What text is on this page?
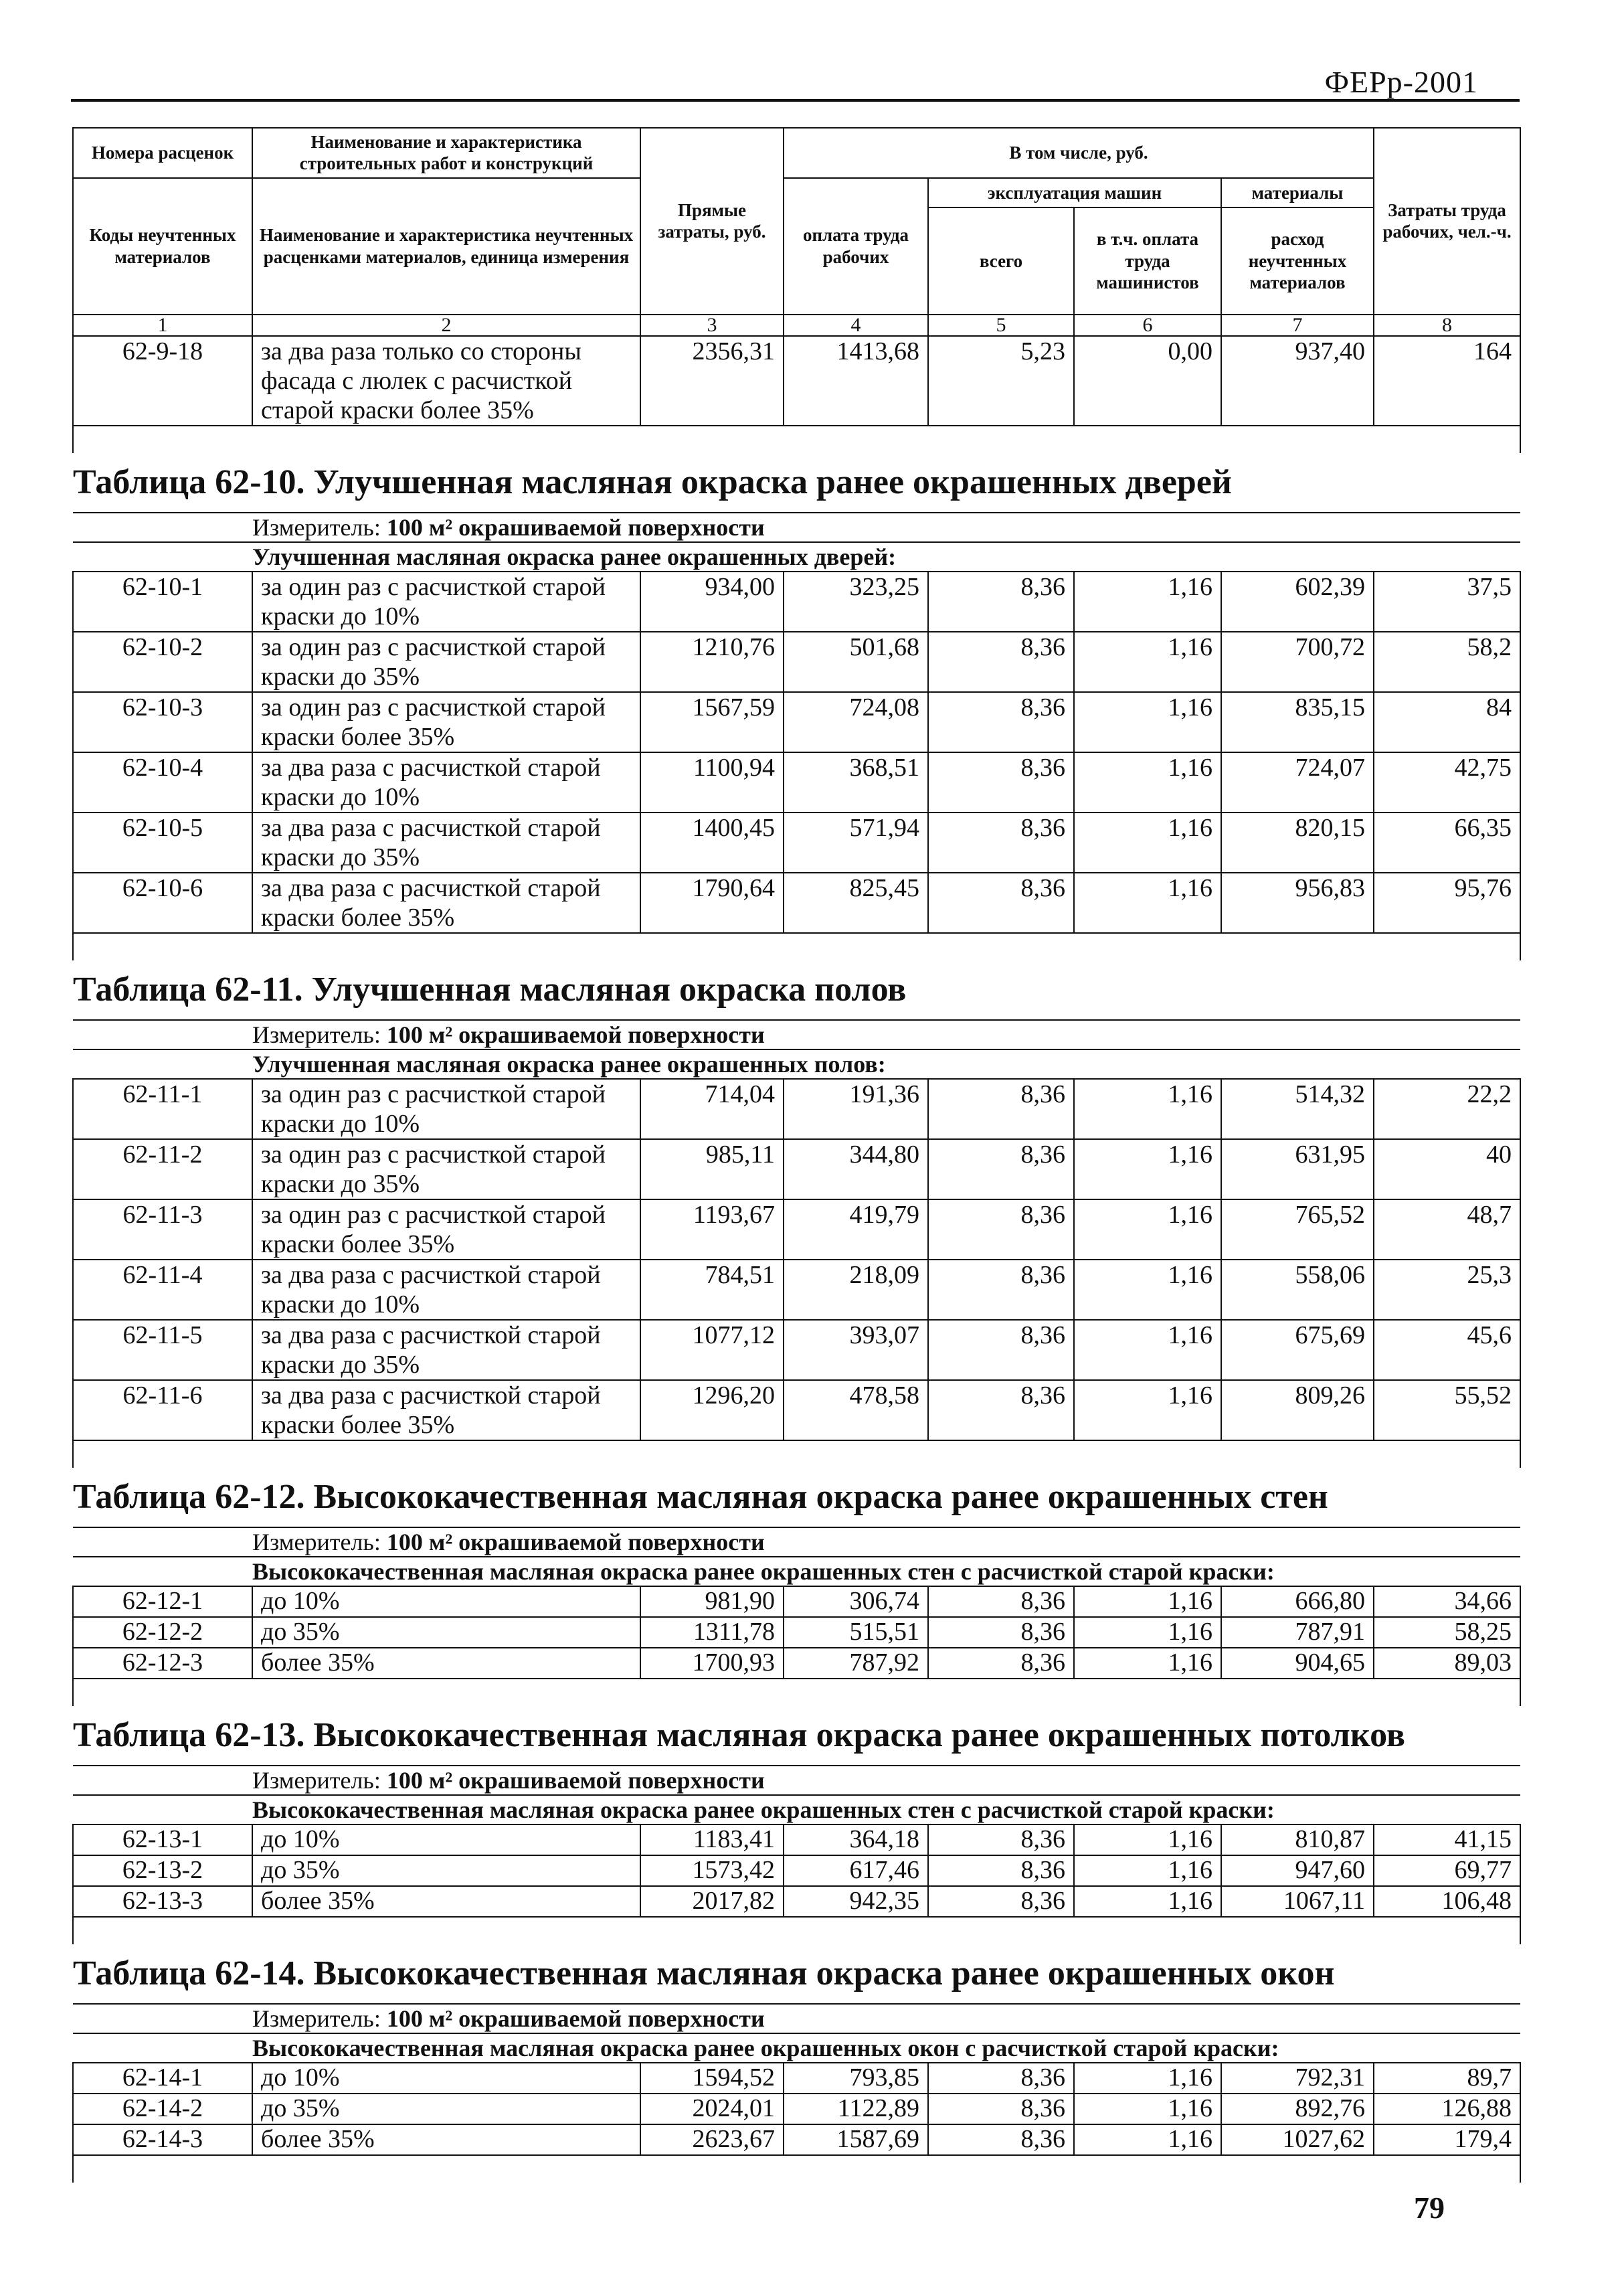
ФЕРр-2001
Номера расценок	Наименование и характеристика строительных работ и конструкций	Прямые затраты, руб.	В том числе, руб.				Затраты труда рабочих, чел.-ч.
Коды неучтенных материалов	Наименование и характеристика неучтенных расценками материалов, единица измерения		оплата труда рабочих	эксплуатация машин		материалы	
				всего	в т.ч. оплата труда машинистов	расход неучтенных материалов	
1	2	3	4	5	6	7	8
62-9-18	за два раза только со стороны фасада с люлек с расчисткой старой краски более 35%	2356,31	1413,68	5,23	0,00	937,40	164

Таблица 62-10. Улучшенная масляная окраска ранее окрашенных дверей							
Измеритель: 100 м² окрашиваемой поверхности							
Улучшенная масляная окраска ранее окрашенных дверей:							
62-10-1	за один раз с расчисткой старой краски до 10%	934,00	323,25	8,36	1,16	602,39	37,5
62-10-2	за один раз с расчисткой старой краски до 35%	1210,76	501,68	8,36	1,16	700,72	58,2
62-10-3	за один раз с расчисткой старой краски более 35%	1567,59	724,08	8,36	1,16	835,15	84
62-10-4	за два раза с расчисткой старой краски до 10%	1100,94	368,51	8,36	1,16	724,07	42,75
62-10-5	за два раза с расчисткой старой краски до 35%	1400,45	571,94	8,36	1,16	820,15	66,35
62-10-6	за два раза с расчисткой старой краски более 35%	1790,64	825,45	8,36	1,16	956,83	95,76

Таблица 62-11. Улучшенная масляная окраска полов							
Измеритель: 100 м² окрашиваемой поверхности							
Улучшенная масляная окраска ранее окрашенных полов:							
62-11-1	за один раз с расчисткой старой краски до 10%	714,04	191,36	8,36	1,16	514,32	22,2
62-11-2	за один раз с расчисткой старой краски до 35%	985,11	344,80	8,36	1,16	631,95	40
62-11-3	за один раз с расчисткой старой краски более 35%	1193,67	419,79	8,36	1,16	765,52	48,7
62-11-4	за два раза с расчисткой старой краски до 10%	784,51	218,09	8,36	1,16	558,06	25,3
62-11-5	за два раза с расчисткой старой краски до 35%	1077,12	393,07	8,36	1,16	675,69	45,6
62-11-6	за два раза с расчисткой старой краски более 35%	1296,20	478,58	8,36	1,16	809,26	55,52

Таблица 62-12. Высококачественная масляная окраска ранее окрашенных стен							
Измеритель: 100 м² окрашиваемой поверхности							
Высококачественная масляная окраска ранее окрашенных стен с расчисткой старой краски:							
62-12-1	до 10%	981,90	306,74	8,36	1,16	666,80	34,66
62-12-2	до 35%	1311,78	515,51	8,36	1,16	787,91	58,25
62-12-3	более 35%	1700,93	787,92	8,36	1,16	904,65	89,03

Таблица 62-13. Высококачественная масляная окраска ранее окрашенных потолков							
Измеритель: 100 м² окрашиваемой поверхности							
Высококачественная масляная окраска ранее окрашенных стен с расчисткой старой краски:							
62-13-1	до 10%	1183,41	364,18	8,36	1,16	810,87	41,15
62-13-2	до 35%	1573,42	617,46	8,36	1,16	947,60	69,77
62-13-3	более 35%	2017,82	942,35	8,36	1,16	1067,11	106,48

Таблица 62-14. Высококачественная масляная окраска ранее окрашенных окон							
Измеритель: 100 м² окрашиваемой поверхности							
Высококачественная масляная окраска ранее окрашенных окон с расчисткой старой краски:							
62-14-1	до 10%	1594,52	793,85	8,36	1,16	792,31	89,7
62-14-2	до 35%	2024,01	1122,89	8,36	1,16	892,76	126,88
62-14-3	более 35%	2623,67	1587,69	8,36	1,16	1027,62	179,4

79
